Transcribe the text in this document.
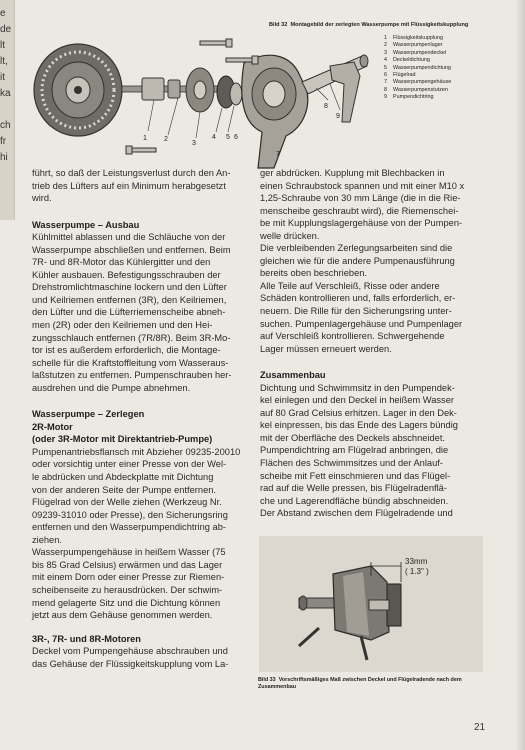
e
de
lt
lt,
it
ka

ch
fr
hi
1 2
3
4 5 6
7
8
9
Bild 32 Montagebild der zerlegten Wasserpumpe mit Flüssigkeitskupplung
1 Flüssigkeitskupplung
2 Wasserpumpenlager
3 Wasserpumpendeckel
4 Deckeldichtung
5 Wasserpumpendichtung
6 Flügelrad
7 Wasserpumpengehäuse
8 Wasserpumpenstutzen
9 Pumpendichtring
führt, so daß der Leistungsverlust durch den An-
trieb des Lüfters auf ein Minimum herabgesetzt
wird.

Wasserpumpe – Ausbau

Kühlmittel ablassen und die Schläuche von der
Wasserpumpe abschließen und entfernen. Beim
7R- und 8R-Motor das Kühlergitter und den
Kühler ausbauen. Befestigungsschrauben der
Drehstromlichtmaschine lockern und den Lüfter
und Keilriemen entfernen (3R), den Keilriemen,
den Lüfter und die Lüfterriemenscheibe abneh-
men (2R) oder den Keilriemen und den Hei-
zungsschlauch entfernen (7R/8R). Beim 3R-Mo-
tor ist es außerdem erforderlich, die Montage-
schelle für die Kraftstoffleitung vom Wasseraus-
laßstutzen zu entfernen. Pumpenschrauben her-
ausdrehen und die Pumpe abnehmen.

Wasserpumpe – Zerlegen

2R-Motor

(oder 3R-Motor mit Direktantrieb-Pumpe)

Pumpenantriebsflansch mit Abzieher 09235-20010
oder vorsichtig unter einer Presse von der Wel-
le abdrücken und Abdeckplatte mit Dichtung
von der anderen Seite der Pumpe entfernen.
Flügelrad von der Welle ziehen (Werkzeug Nr.
09239-31010 oder Presse), den Sicherungsring
entfernen und den Wasserpumpendichtring ab-
ziehen.
Wasserpumpengehäuse in heißem Wasser (75
bis 85 Grad Celsius) erwärmen und das Lager
mit einem Dorn oder einer Presse zur Riemen-
scheibenseite zu herausdrücken. Der schwim-
mend gelagerte Sitz und die Dichtung können
jetzt aus dem Gehäuse genommen werden.

3R-, 7R- und 8R-Motoren

Deckel vom Pumpengehäuse abschrauben und
das Gehäuse der Flüssigkeitskupplung vom La-
ger abdrücken. Kupplung mit Blechbacken in
einen Schraubstock spannen und mit einer M10 x
1,25-Schraube von 30 mm Länge (die in die Rie-
menscheibe geschraubt wird), die Riemenschei-
be mit Kupplungslagergehäuse von der Pumpen-
welle drücken.
Die verbleibenden Zerlegungsarbeiten sind die
gleichen wie für die andere Pumpenausführung
bereits oben beschrieben.
Alle Teile auf Verschleiß, Risse oder andere
Schäden kontrollieren und, falls erforderlich, er-
neuern. Die Rille für den Sicherungsring unter-
suchen. Pumpenlagergehäuse und Pumpenlager
auf Verschleiß kontrollieren. Schwergehende
Lager müssen erneuert werden.

Zusammenbau

Dichtung und Schwimmsitz in den Pumpendek-
kel einlegen und den Deckel in heißem Wasser
auf 80 Grad Celsius erhitzen. Lager in den Dek-
kel einpressen, bis das Ende des Lagers bündig
mit der Oberfläche des Deckels abschneidet.
Pumpendichtring am Flügelrad anbringen, die
Flächen des Schwimmsitzes und der Anlauf-
scheibe mit Fett einschmieren und das Flügel-
rad auf die Welle pressen, bis Flügelradenflä-
che und Lagerendfläche bündig abschneiden.
Der Abstand zwischen dem Flügelradende und
33mm
( 1.3" )
Bild 33 Vorschriftsmäßiges Maß zwischen Deckel und Flügelradende nach dem Zusammenbau
21
